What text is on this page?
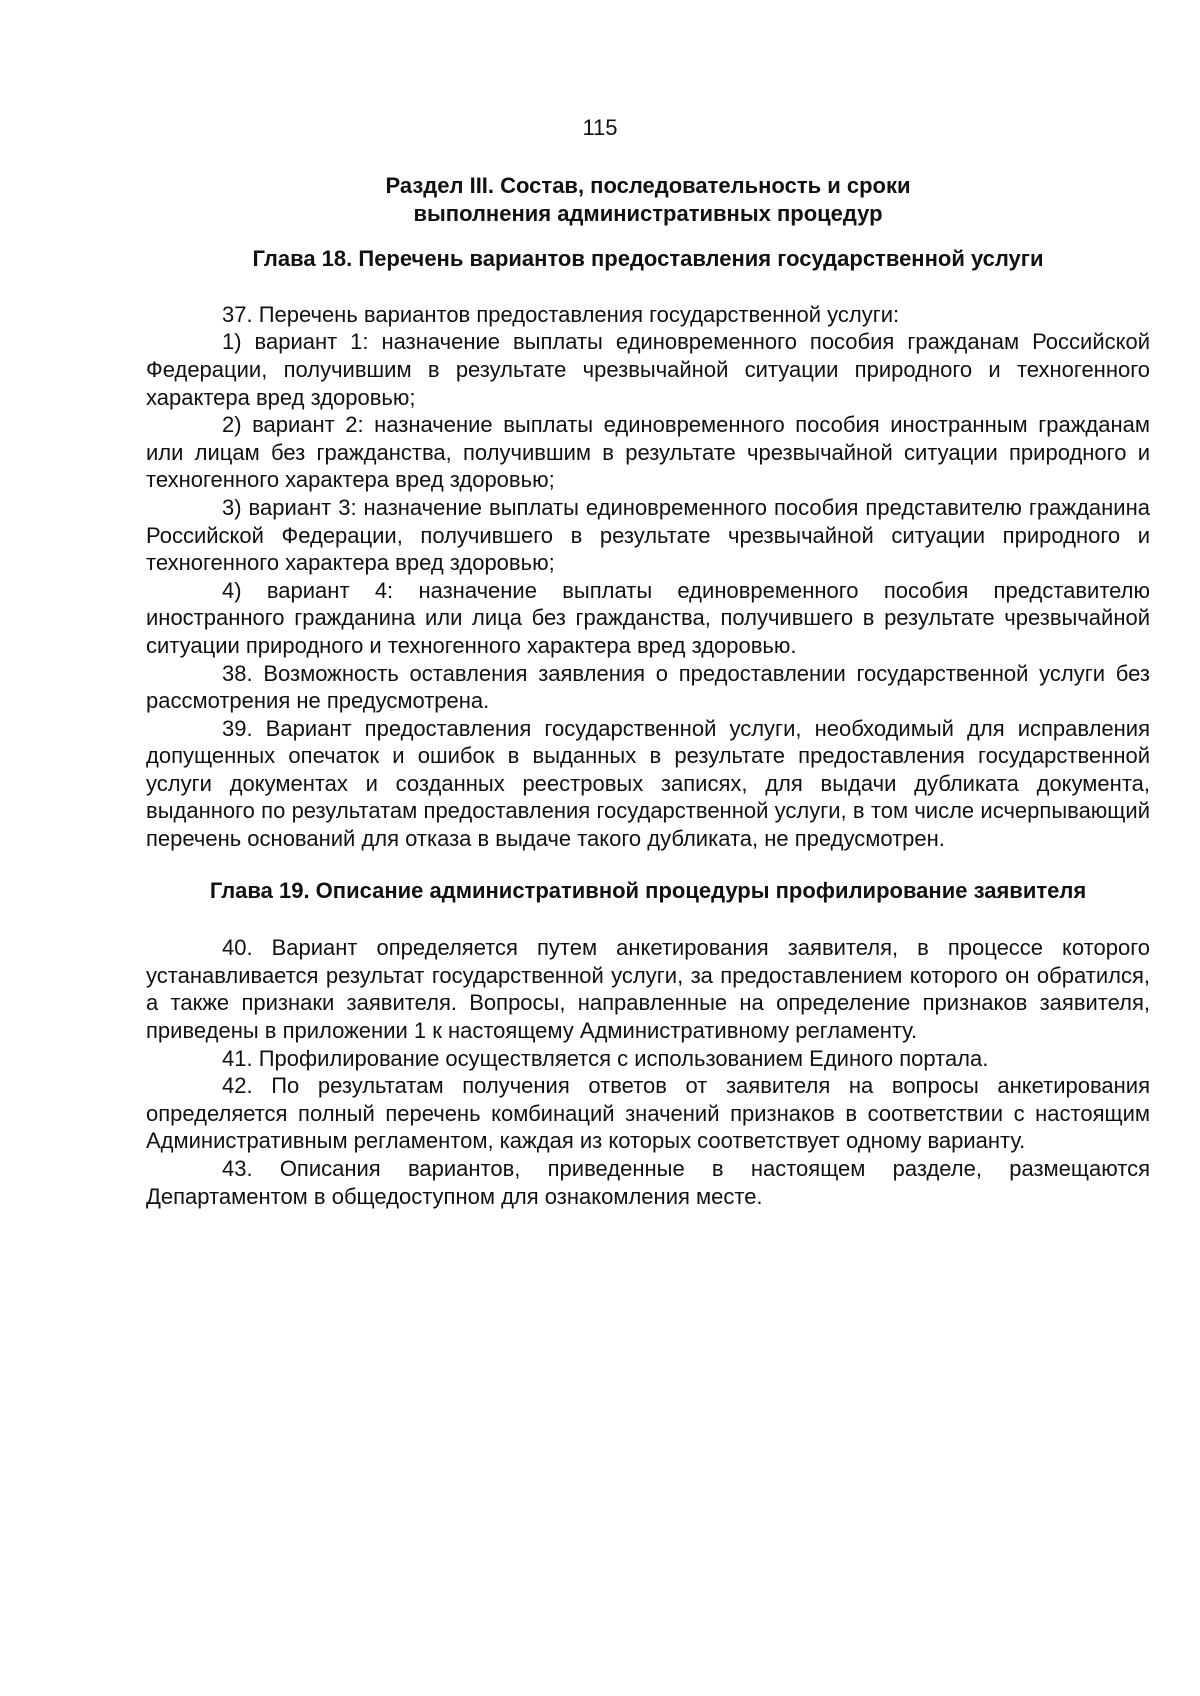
115
Раздел III. Состав, последовательность и сроки
выполнения административных процедур
Глава 18. Перечень вариантов предоставления государственной услуги

37. Перечень вариантов предоставления государственной услуги:

1) вариант 1: назначение выплаты единовременного пособия гражданам Российской Федерации, получившим в результате чрезвычайной ситуации природного и техногенного характера вред здоровью;

2) вариант 2: назначение выплаты единовременного пособия иностранным гражданам или лицам без гражданства, получившим в результате чрезвычайной ситуации природного и техногенного характера вред здоровью;

3) вариант 3: назначение выплаты единовременного пособия представителю гражданина Российской Федерации, получившего в результате чрезвычайной ситуации природного и техногенного характера вред здоровью;

4) вариант 4: назначение выплаты единовременного пособия представителю иностранного гражданина или лица без гражданства, получившего в результате чрезвычайной ситуации природного и техногенного характера вред здоровью.

38. Возможность оставления заявления о предоставлении государственной услуги без рассмотрения не предусмотрена.

39. Вариант предоставления государственной услуги, необходимый для исправления допущенных опечаток и ошибок в выданных в результате предоставления государственной услуги документах и созданных реестровых записях, для выдачи дубликата документа, выданного по результатам предоставления государственной услуги, в том числе исчерпывающий перечень оснований для отказа в выдаче такого дубликата, не предусмотрен.

Глава 19. Описание административной процедуры профилирование заявителя

40. Вариант определяется путем анкетирования заявителя, в процессе которого устанавливается результат государственной услуги, за предоставлением которого он обратился, а также признаки заявителя. Вопросы, направленные на определение признаков заявителя, приведены в приложении 1 к настоящему Административному регламенту.

41. Профилирование осуществляется с использованием Единого портала.

42. По результатам получения ответов от заявителя на вопросы анкетирования определяется полный перечень комбинаций значений признаков в соответствии с настоящим Административным регламентом, каждая из которых соответствует одному варианту.

43. Описания вариантов, приведенные в настоящем разделе, размещаются Департаментом в общедоступном для ознакомления месте.
